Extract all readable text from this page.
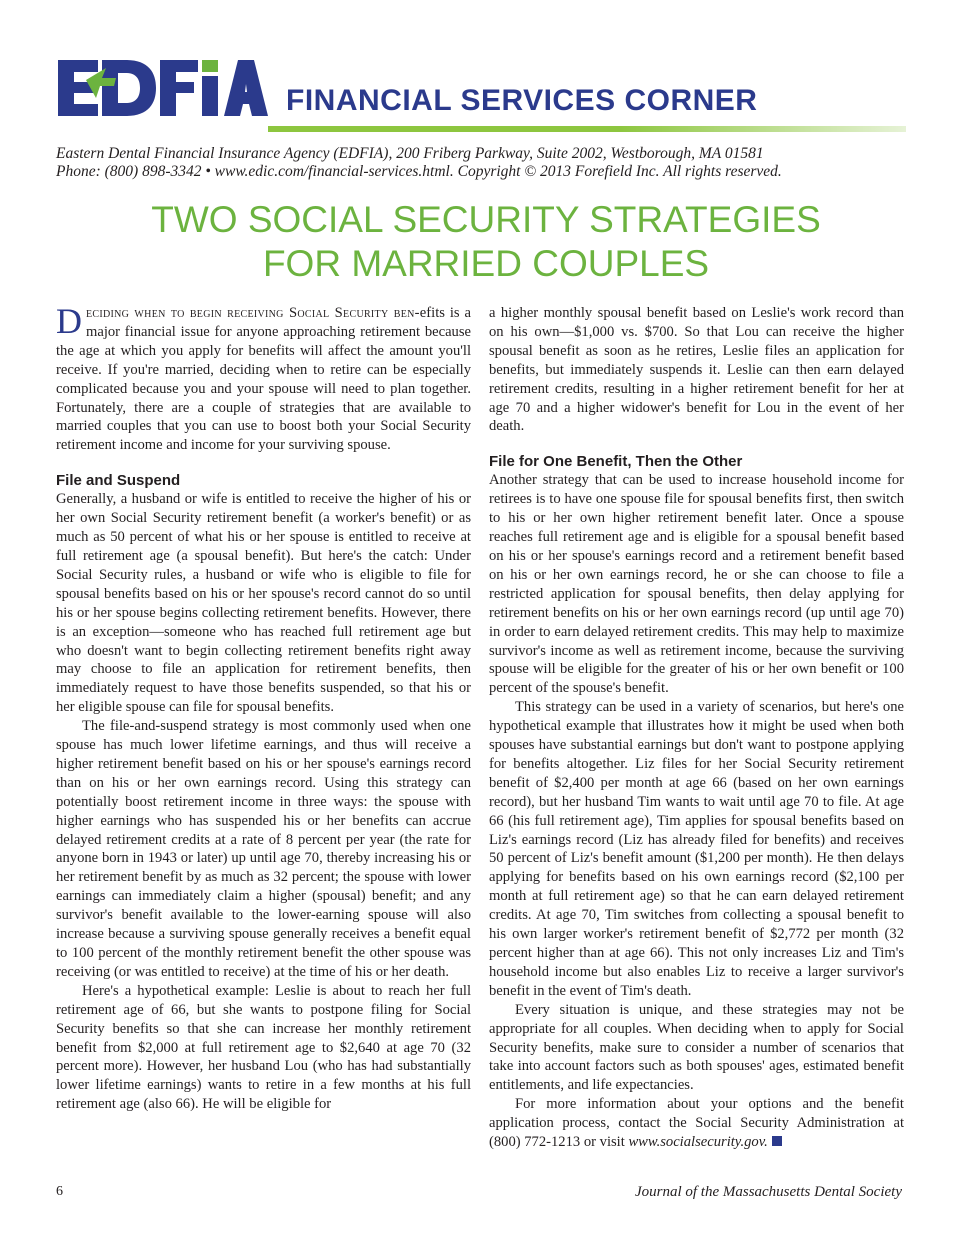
FINANCIAL SERVICES CORNER
Eastern Dental Financial Insurance Agency (EDFIA), 200 Friberg Parkway, Suite 2002, Westborough, MA 01581
Phone: (800) 898-3342 • www.edic.com/financial-services.html. Copyright © 2013 Forefield Inc. All rights reserved.
TWO SOCIAL SECURITY STRATEGIES
FOR MARRIED COUPLES

Deciding when to begin receiving Social Security ben-efits is a major financial issue for anyone approaching retirement because the age at which you apply for benefits will affect the amount you'll receive. If you're married, deciding when to retire can be especially complicated because you and your spouse will need to plan together. Fortunately, there are a couple of strategies that are available to married couples that you can use to boost both your Social Security retirement income and income for your surviving spouse.

File and Suspend

Generally, a husband or wife is entitled to receive the higher of his or her own Social Security retirement benefit (a worker's benefit) or as much as 50 percent of what his or her spouse is entitled to receive at full retirement age (a spousal benefit). But here's the catch: Under Social Security rules, a husband or wife who is eligible to file for spousal benefits based on his or her spouse's record cannot do so until his or her spouse begins collecting retirement benefits. However, there is an exception—someone who has reached full retirement age but who doesn't want to begin collecting retirement benefits right away may choose to file an application for retirement benefits, then immediately request to have those benefits suspended, so that his or her eligible spouse can file for spousal benefits.

The file-and-suspend strategy is most commonly used when one spouse has much lower lifetime earnings, and thus will receive a higher retirement benefit based on his or her spouse's earnings record than on his or her own earnings record. Using this strategy can potentially boost retirement income in three ways: the spouse with higher earnings who has suspended his or her benefits can accrue delayed retirement credits at a rate of 8 percent per year (the rate for anyone born in 1943 or later) up until age 70, thereby increasing his or her retirement benefit by as much as 32 percent; the spouse with lower earnings can immediately claim a higher (spousal) benefit; and any survivor's benefit available to the lower-earning spouse will also increase because a surviving spouse generally receives a benefit equal to 100 percent of the monthly retirement benefit the other spouse was receiving (or was entitled to receive) at the time of his or her death.

Here's a hypothetical example: Leslie is about to reach her full retirement age of 66, but she wants to postpone filing for Social Security benefits so that she can increase her monthly retirement benefit from $2,000 at full retirement age to $2,640 at age 70 (32 percent more). However, her husband Lou (who has had substantially lower lifetime earnings) wants to retire in a few months at his full retirement age (also 66). He will be eligible for

a higher monthly spousal benefit based on Leslie's work record than on his own—$1,000 vs. $700. So that Lou can receive the higher spousal benefit as soon as he retires, Leslie files an application for benefits, but immediately suspends it. Leslie can then earn delayed retirement credits, resulting in a higher retirement benefit for her at age 70 and a higher widower's benefit for Lou in the event of her death.

File for One Benefit, Then the Other

Another strategy that can be used to increase household income for retirees is to have one spouse file for spousal benefits first, then switch to his or her own higher retirement benefit later. Once a spouse reaches full retirement age and is eligible for a spousal benefit based on his or her spouse's earnings record and a retirement benefit based on his or her own earnings record, he or she can choose to file a restricted application for spousal benefits, then delay applying for retirement benefits on his or her own earnings record (up until age 70) in order to earn delayed retirement credits. This may help to maximize survivor's income as well as retirement income, because the surviving spouse will be eligible for the greater of his or her own benefit or 100 percent of the spouse's benefit.

This strategy can be used in a variety of scenarios, but here's one hypothetical example that illustrates how it might be used when both spouses have substantial earnings but don't want to postpone applying for benefits altogether. Liz files for her Social Security retirement benefit of $2,400 per month at age 66 (based on her own earnings record), but her husband Tim wants to wait until age 70 to file. At age 66 (his full retirement age), Tim applies for spousal benefits based on Liz's earnings record (Liz has already filed for benefits) and receives 50 percent of Liz's benefit amount ($1,200 per month). He then delays applying for benefits based on his own earnings record ($2,100 per month at full retirement age) so that he can earn delayed retirement credits. At age 70, Tim switches from collecting a spousal benefit to his own larger worker's retirement benefit of $2,772 per month (32 percent higher than at age 66). This not only increases Liz and Tim's household income but also enables Liz to receive a larger survivor's benefit in the event of Tim's death.

Every situation is unique, and these strategies may not be appropriate for all couples. When deciding when to apply for Social Security benefits, make sure to consider a number of scenarios that take into account factors such as both spouses' ages, estimated benefit entitlements, and life expectancies.

For more information about your options and the benefit application process, contact the Social Security Administration at (800) 772-1213 or visit www.socialsecurity.gov.

6	Journal of the Massachusetts Dental Society
